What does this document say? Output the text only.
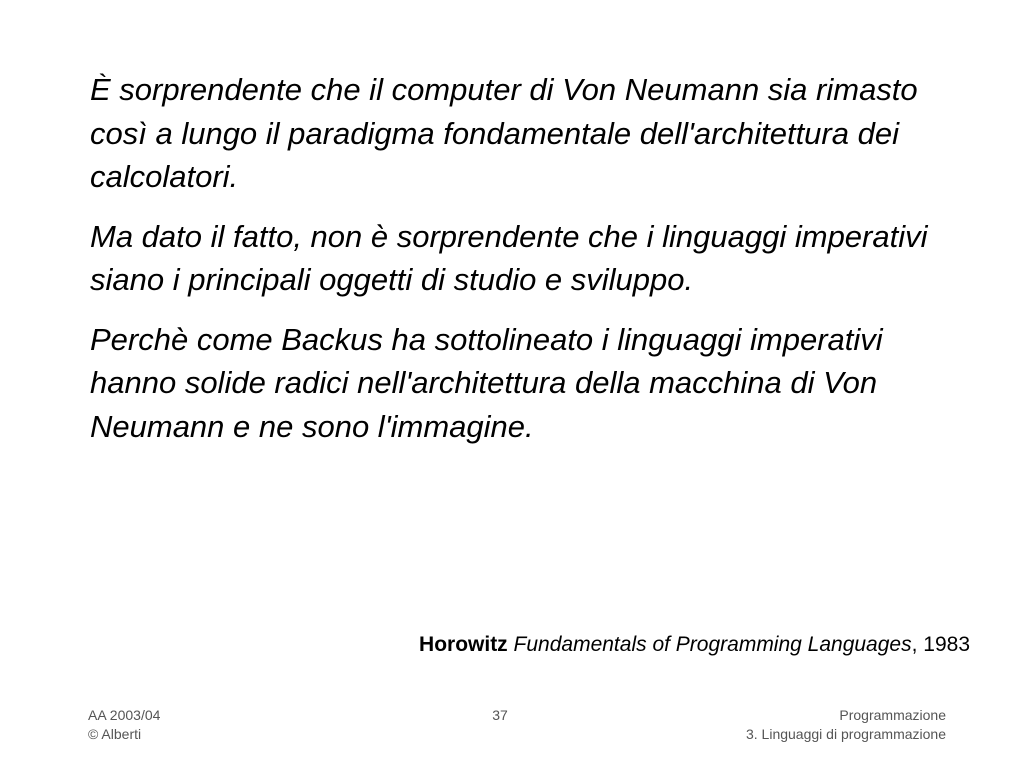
È sorprendente che il computer di Von Neumann sia rimasto così a lungo il paradigma fondamentale dell'architettura dei calcolatori.

Ma dato il fatto, non è sorprendente che i linguaggi imperativi siano i principali oggetti di studio e sviluppo.

Perchè come Backus ha sottolineato i linguaggi imperativi hanno solide radici nell'architettura della macchina di Von Neumann e ne sono l'immagine.

Horowitz Fundamentals of Programming Languages, 1983
AA 2003/04
© Alberti
37	Programmazione
3. Linguaggi di programmazione
